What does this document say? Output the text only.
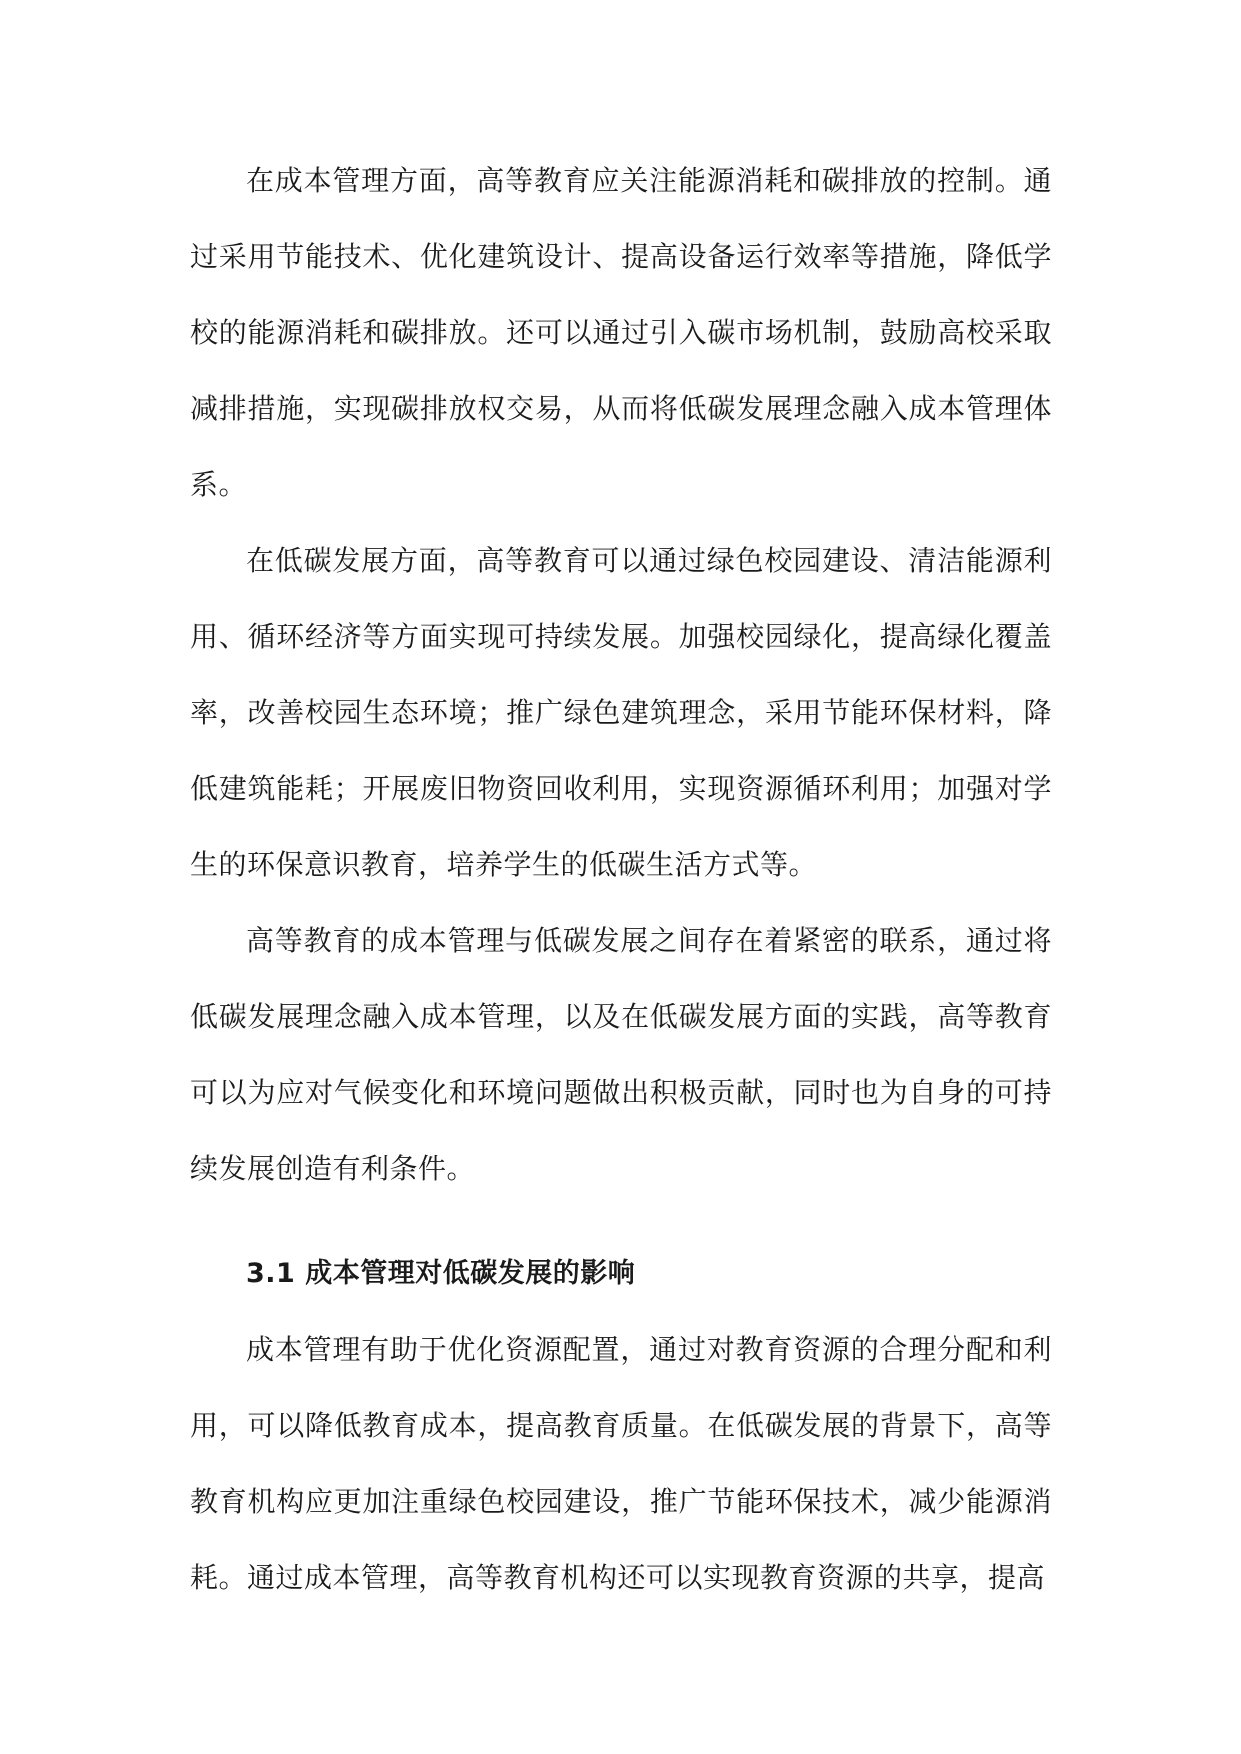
在成本管理方面，高等教育应关注能源消耗和碳排放的控制。通过采用节能技术、优化建筑设计、提高设备运行效率等措施，降低学校的能源消耗和碳排放。还可以通过引入碳市场机制，鼓励高校采取减排措施，实现碳排放权交易，从而将低碳发展理念融入成本管理体系。

在低碳发展方面，高等教育可以通过绿色校园建设、清洁能源利用、循环经济等方面实现可持续发展。加强校园绿化，提高绿化覆盖率，改善校园生态环境；推广绿色建筑理念，采用节能环保材料，降低建筑能耗；开展废旧物资回收利用，实现资源循环利用；加强对学生的环保意识教育，培养学生的低碳生活方式等。

高等教育的成本管理与低碳发展之间存在着紧密的联系，通过将低碳发展理念融入成本管理，以及在低碳发展方面的实践，高等教育可以为应对气候变化和环境问题做出积极贡献，同时也为自身的可持续发展创造有利条件。

3.1 成本管理对低碳发展的影响

成本管理有助于优化资源配置，通过对教育资源的合理分配和利用，可以降低教育成本，提高教育质量。在低碳发展的背景下，高等教育机构应更加注重绿色校园建设，推广节能环保技术，减少能源消耗。通过成本管理，高等教育机构还可以实现教育资源的共享，提高
